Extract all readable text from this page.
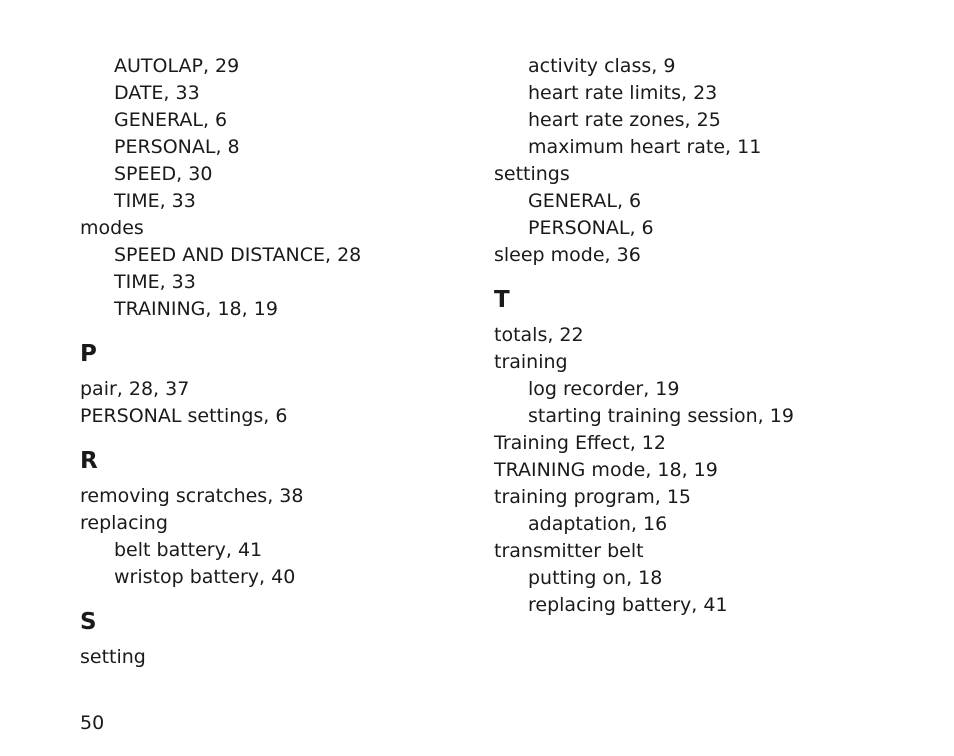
AUTOLAP, 29
DATE, 33
GENERAL, 6
PERSONAL, 8
SPEED, 30
TIME, 33
modes
SPEED AND DISTANCE, 28
TIME, 33
TRAINING, 18, 19
P
pair, 28, 37
PERSONAL settings, 6
R
removing scratches, 38
replacing
belt battery, 41
wristop battery, 40
S
setting
activity class, 9
heart rate limits, 23
heart rate zones, 25
maximum heart rate, 11
settings
GENERAL, 6
PERSONAL, 6
sleep mode, 36
T
totals, 22
training
log recorder, 19
starting training session, 19
Training Effect, 12
TRAINING mode, 18, 19
training program, 15
adaptation, 16
transmitter belt
putting on, 18
replacing battery, 41
50
